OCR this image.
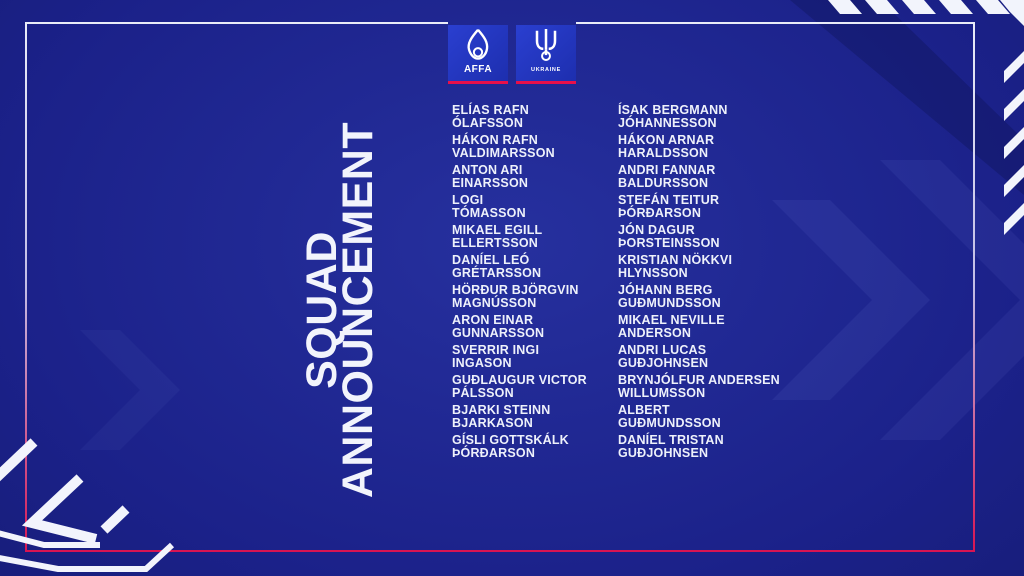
AFFA	UKRAINE
SQUAD
ANNOUNCEMENT
ELÍAS RAFN
ÓLAFSSON
HÁKON RAFN
VALDIMARSSON
ANTON ARI
EINARSSON
LOGI
TÓMASSON
MIKAEL EGILL
ELLERTSSON
DANÍEL LEÓ
GRÉTARSSON
HÖRÐUR BJÖRGVIN
MAGNÚSSON
ARON EINAR
GUNNARSSON
SVERRIR INGI
INGASON
GUÐLAUGUR VICTOR
PÁLSSON
BJARKI STEINN
BJARKASON
GÍSLI GOTTSKÁLK
ÞÓRÐARSON
ÍSAK BERGMANN
JÓHANNESSON
HÁKON ARNAR
HARALDSSON
ANDRI FANNAR
BALDURSSON
STEFÁN TEITUR
ÞÓRÐARSON
JÓN DAGUR
ÞORSTEINSSON
KRISTIAN NÖKKVI
HLYNSSON
JÓHANN BERG
GUÐMUNDSSON
MIKAEL NEVILLE
ANDERSON
ANDRI LUCAS
GUÐJOHNSEN
BRYNJÓLFUR ANDERSEN
WILLUMSSON
ALBERT
GUÐMUNDSSON
DANÍEL TRISTAN
GUÐJOHNSEN
